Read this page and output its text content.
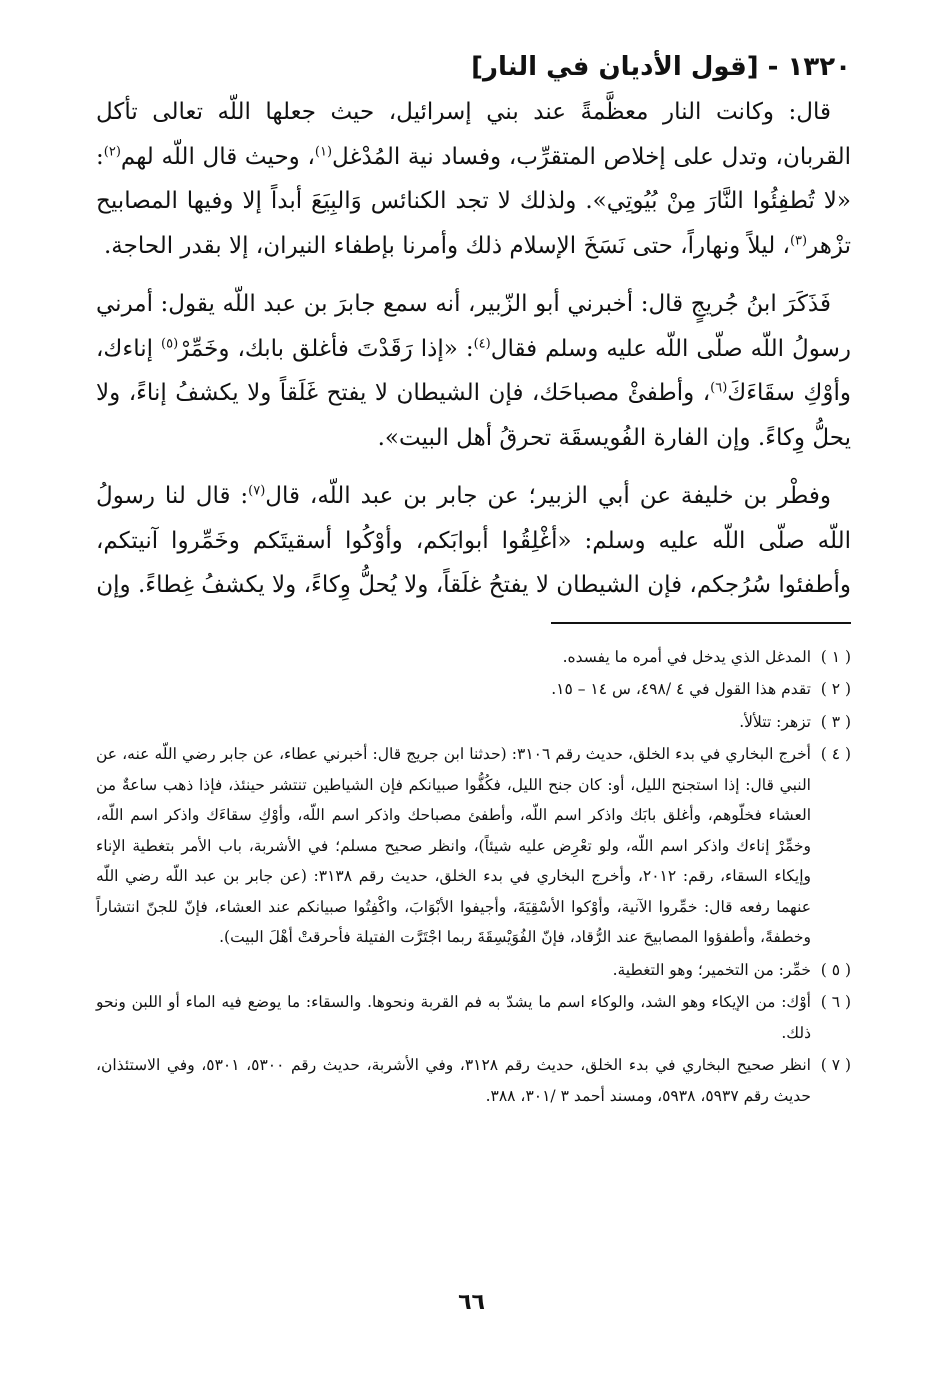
١٣٢٠ - [قول الأديان في النار]

قال: وكانت النار معظَّمةً عند بني إسرائيل، حيث جعلها اللّه تعالى تأكل القربان، وتدل على إخلاص المتقرِّب، وفساد نية المُدْغل$^{(١)}$، وحيث قال اللّه لهم$^{(٢)}$: «لا تُطفِئُوا النَّارَ مِنْ بُيُوتِي». ولذلك لا تجد الكنائس وَالبِيَعَ أبداً إلا وفيها المصابيح تزْهر$^{(٣)}$، ليلاً ونهاراً، حتى نَسَخَ الإسلام ذلك وأمرنا بإطفاء النيران، إلا بقدر الحاجة.

فَذَكَرَ ابنُ جُريجٍ قال: أخبرني أبو الزّبير، أنه سمع جابرَ بن عبد اللّه يقول: أمرني رسولُ اللّه صلّى اللّه عليه وسلم فقال$^{(٤)}$: «إذا رَقَدْتَ فأغلق بابك، وخَمِّرْ$^{(٥)}$ إناءك، وأوْكِ سقَاءَكَ$^{(٦)}$، وأطفئْ مصباحَك، فإن الشيطان لا يفتح غَلَقاً ولا يكشفُ إناءً، ولا يحلُّ وِكاءً. وإن الفارة الفُويسقَة تحرقُ أهل البيت».

وفطْر بن خليفة عن أبي الزبير؛ عن جابر بن عبد اللّه، قال$^{(٧)}$: قال لنا رسولُ اللّه صلّى اللّه عليه وسلم: «أغْلِقُوا أبوابَكم، وأوْكُوا أسقيتَكم وخَمِّروا آنيتكم، وأطفئوا سُرُجكم، فإن الشيطان لا يفتحُ غلَقاً، ولا يُحلُّ وِكاءً، ولا يكشفُ غِطاءً. وإن

( ١ )
المدغل الذي يدخل في أمره ما يفسده.
( ٢ )
تقدم هذا القول في ٤ /٤٩٨، س ١٤ – ١٥.
( ٣ )
تزهر: تتلألأ.
( ٤ )
أخرج البخاري في بدء الخلق، حديث رقم ٣١٠٦: (حدثنا ابن جريج قال: أخبرني عطاء، عن جابر رضي اللّه عنه، عن النبي قال: إذا استجنح الليل، أو: كان جنح الليل، فكُفُّوا صبيانكم فإن الشياطين تنتشر حينئذ، فإذا ذهب ساعةٌ من العشاء فخلّوهم، وأغلق بابَك واذكر اسم اللّه، وأطفئ مصباحك واذكر اسم اللّه، وأوْكِ سقاءَك واذكر اسم اللّه، وخمِّرْ إناءك واذكر اسم اللّه، ولو تعْرِض عليه شيئاً)، وانظر صحيح مسلم؛ في الأشربة، باب الأمر بتغطية الإناء وإيكاء السقاء، رقم: ٢٠١٢، وأخرج البخاري في بدء الخلق، حديث رقم ٣١٣٨: (عن جابر بن عبد اللّه رضي اللّه عنهما رفعه قال: خمِّروا الآنية، وأوْكوا الأسْقِيَةَ، وأجيفوا الأبْوَابَ، واكْفِتُوا صبيانكم عند العشاء، فإنّ للجنّ انتشاراً وخطفةً، وأطفؤوا المصابيحَ عند الرُّقاد، فإنّ الفُوَيْسِقَةَ ربما اجْتَرَّت الفتيلة فأحرقتْ أهْلَ البيت).
( ٥ )
خمِّر: من التخمير؛ وهو التغطية.
( ٦ )
أوْك: من الإيكاء وهو الشد، والوكاء اسم ما يشدّ به فم القربة ونحوها. والسقاء: ما يوضع فيه الماء أو اللبن ونحو ذلك.
( ٧ )
انظر صحيح البخاري في بدء الخلق، حديث رقم ٣١٢٨، وفي الأشربة، حديث رقم ٥٣٠٠، ٥٣٠١، وفي الاستئذان، حديث رقم ٥٩٣٧، ٥٩٣٨، ومسند أحمد ٣ /٣٠١، ٣٨٨.
٦٦
